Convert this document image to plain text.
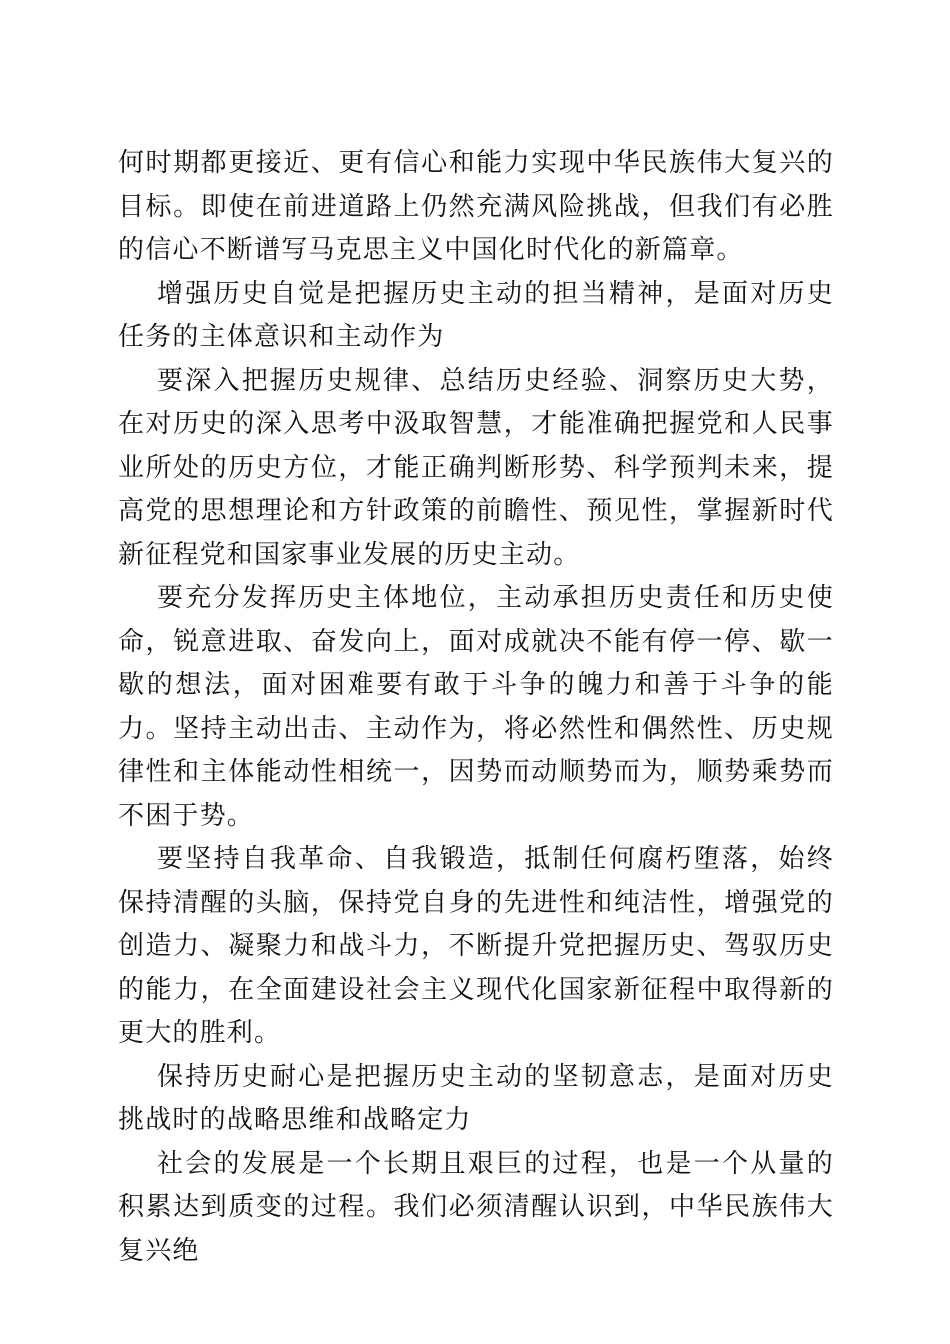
何时期都更接近、更有信心和能力实现中华民族伟大复兴的目标。即使在前进道路上仍然充满风险挑战，但我们有必胜的信心不断谱写马克思主义中国化时代化的新篇章。

增强历史自觉是把握历史主动的担当精神，是面对历史任务的主体意识和主动作为

要深入把握历史规律、总结历史经验、洞察历史大势，在对历史的深入思考中汲取智慧，才能准确把握党和人民事业所处的历史方位，才能正确判断形势、科学预判未来，提高党的思想理论和方针政策的前瞻性、预见性，掌握新时代新征程党和国家事业发展的历史主动。

要充分发挥历史主体地位，主动承担历史责任和历史使命，锐意进取、奋发向上，面对成就决不能有停一停、歇一歇的想法，面对困难要有敢于斗争的魄力和善于斗争的能力。坚持主动出击、主动作为，将必然性和偶然性、历史规律性和主体能动性相统一，因势而动顺势而为，顺势乘势而不困于势。

要坚持自我革命、自我锻造，抵制任何腐朽堕落，始终保持清醒的头脑，保持党自身的先进性和纯洁性，增强党的创造力、凝聚力和战斗力，不断提升党把握历史、驾驭历史的能力，在全面建设社会主义现代化国家新征程中取得新的更大的胜利。

保持历史耐心是把握历史主动的坚韧意志，是面对历史挑战时的战略思维和战略定力

社会的发展是一个长期且艰巨的过程，也是一个从量的积累达到质变的过程。我们必须清醒认识到，中华民族伟大复兴绝
